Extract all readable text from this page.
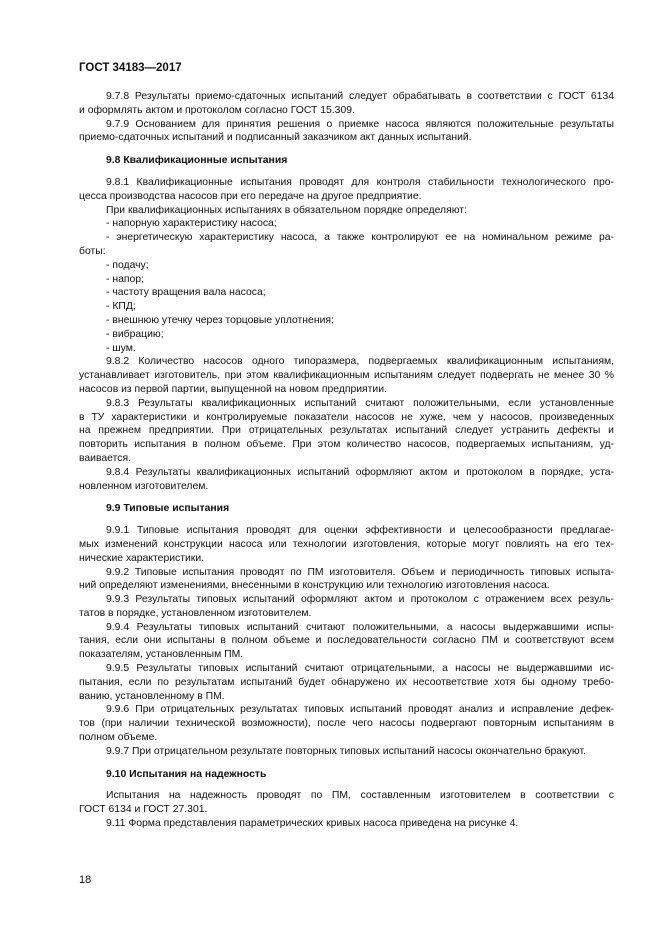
ГОСТ 34183—2017
9.7.8 Результаты приемо-сдаточных испытаний следует обрабатывать в соответствии с ГОСТ 6134
и оформлять актом и протоколом согласно ГОСТ 15.309.
9.7.9 Основанием для принятия решения о приемке насоса являются положительные результаты
приемо-сдаточных испытаний и подписанный заказчиком акт данных испытаний.
9.8 Квалификационные испытания
9.8.1 Квалификационные испытания проводят для контроля стабильности технологического про-
цесса производства насосов при его передаче на другое предприятие.
При квалификационных испытаниях в обязательном порядке определяют:
- напорную характеристику насоса;
- энергетическую характеристику насоса, а также контролируют ее на номинальном режиме ра-
боты:
- подачу;
- напор;
- частоту вращения вала насоса;
- КПД;
- внешнюю утечку через торцовые уплотнения;
- вибрацию;
- шум.
9.8.2 Количество насосов одного типоразмера, подвергаемых квалификационным испытаниям,
устанавливает изготовитель, при этом квалификационным испытаниям следует подвергать не менее 30 %
насосов из первой партии, выпущенной на новом предприятии.
9.8.3 Результаты квалификационных испытаний считают положительными, если установленные
в ТУ характеристики и контролируемые показатели насосов не хуже, чем у насосов, произведенных
на прежнем предприятии. При отрицательных результатах испытаний следует устранить дефекты и
повторить испытания в полном объеме. При этом количество насосов, подвергаемых испытаниям, уд-
ваивается.
9.8.4 Результаты квалификационных испытаний оформляют актом и протоколом в порядке, уста-
новленном изготовителем.
9.9 Типовые испытания
9.9.1 Типовые испытания проводят для оценки эффективности и целесообразности предлагае-
мых изменений конструкции насоса или технологии изготовления, которые могут повлиять на его тех-
нические характеристики.
9.9.2 Типовые испытания проводят по ПМ изготовителя. Объем и периодичность типовых испыта-
ний определяют изменениями, внесенными в конструкцию или технологию изготовления насоса.
9.9.3 Результаты типовых испытаний оформляют актом и протоколом с отражением всех резуль-
татов в порядке, установленном изготовителем.
9.9.4 Результаты типовых испытаний считают положительными, а насосы выдержавшими испы-
тания, если они испытаны в полном объеме и последовательности согласно ПМ и соответствуют всем
показателям, установленным ПМ.
9.9.5 Результаты типовых испытаний считают отрицательными, а насосы не выдержавшими ис-
пытания, если по результатам испытаний будет обнаружено их несоответствие хотя бы одному требо-
ванию, установленному в ПМ.
9.9.6 При отрицательных результатах типовых испытаний проводят анализ и исправление дефек-
тов (при наличии технической возможности), после чего насосы подвергают повторным испытаниям в
полном объеме.
9.9.7 При отрицательном результате повторных типовых испытаний насосы окончательно бракуют.
9.10 Испытания на надежность
Испытания на надежность проводят по ПМ, составленным изготовителем в соответствии с
ГОСТ 6134 и ГОСТ 27.301.
9.11 Форма представления параметрических кривых насоса приведена на рисунке 4.
18
